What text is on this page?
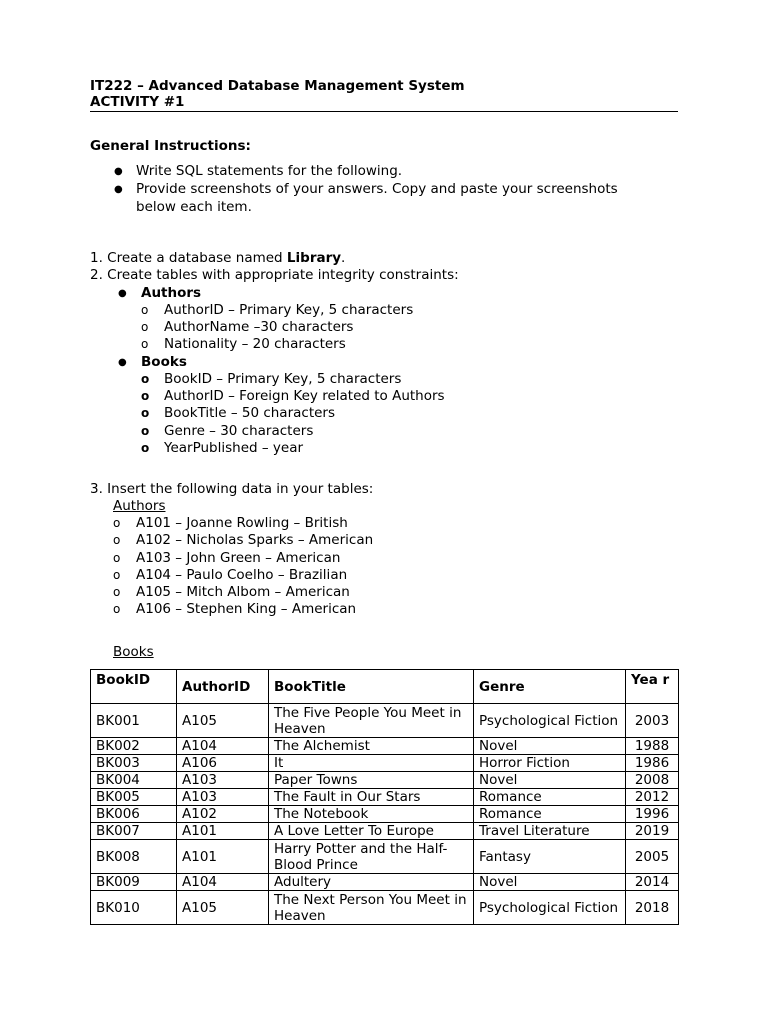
IT222 – Advanced Database Management System
ACTIVITY #1
General Instructions:
● Write SQL statements for the following.
● Provide screenshots of your answers. Copy and paste your screenshots
below each item.
1. Create a database named Library.
2. Create tables with appropriate integrity constraints:
● Authors
o AuthorID – Primary Key, 5 characters
o AuthorName –30 characters
o Nationality – 20 characters
● Books
o BookID – Primary Key, 5 characters
o AuthorID – Foreign Key related to Authors
o BookTitle – 50 characters
o Genre – 30 characters
o YearPublished – year
3. Insert the following data in your tables:
Authors
o A101 – Joanne Rowling – British
o A102 – Nicholas Sparks – American
o A103 – John Green – American
o A104 – Paulo Coelho – Brazilian
o A105 – Mitch Albom – American
o A106 – Stephen King – American
Books
BookID	AuthorID	BookTitle	Genre	Yea r
BK001	A105	The Five People You Meet in Heaven	Psychological Fiction	2003
BK002	A104	The Alchemist	Novel	1988
BK003	A106	It	Horror Fiction	1986
BK004	A103	Paper Towns	Novel	2008
BK005	A103	The Fault in Our Stars	Romance	2012
BK006	A102	The Notebook	Romance	1996
BK007	A101	A Love Letter To Europe	Travel Literature	2019
BK008	A101	Harry Potter and the Half-Blood Prince	Fantasy	2005
BK009	A104	Adultery	Novel	2014
BK010	A105	The Next Person You Meet in Heaven	Psychological Fiction	2018
